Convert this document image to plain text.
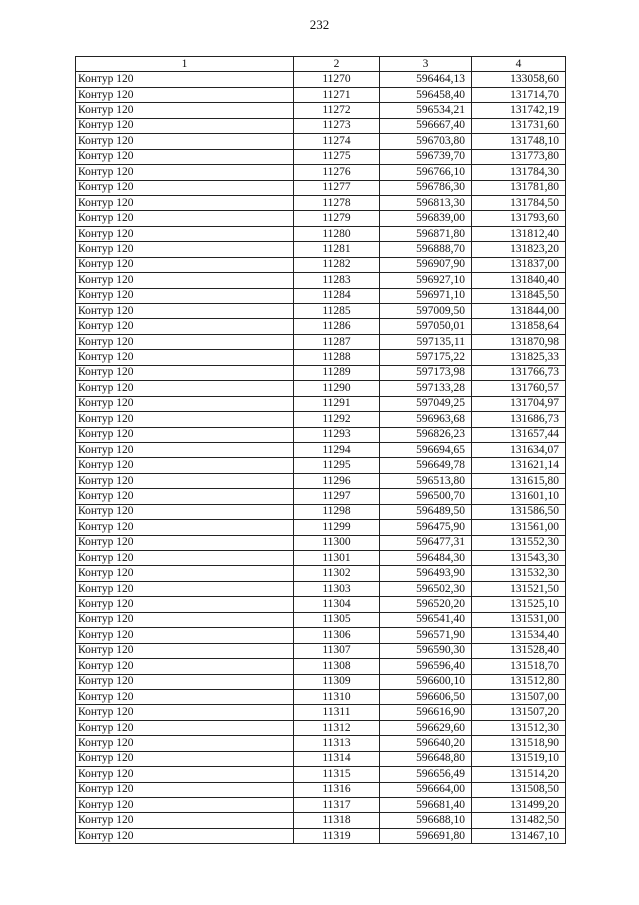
232
1	2	3	4
Контур 120	11270	596464,13	133058,60
Контур 120	11271	596458,40	131714,70
Контур 120	11272	596534,21	131742,19
Контур 120	11273	596667,40	131731,60
Контур 120	11274	596703,80	131748,10
Контур 120	11275	596739,70	131773,80
Контур 120	11276	596766,10	131784,30
Контур 120	11277	596786,30	131781,80
Контур 120	11278	596813,30	131784,50
Контур 120	11279	596839,00	131793,60
Контур 120	11280	596871,80	131812,40
Контур 120	11281	596888,70	131823,20
Контур 120	11282	596907,90	131837,00
Контур 120	11283	596927,10	131840,40
Контур 120	11284	596971,10	131845,50
Контур 120	11285	597009,50	131844,00
Контур 120	11286	597050,01	131858,64
Контур 120	11287	597135,11	131870,98
Контур 120	11288	597175,22	131825,33
Контур 120	11289	597173,98	131766,73
Контур 120	11290	597133,28	131760,57
Контур 120	11291	597049,25	131704,97
Контур 120	11292	596963,68	131686,73
Контур 120	11293	596826,23	131657,44
Контур 120	11294	596694,65	131634,07
Контур 120	11295	596649,78	131621,14
Контур 120	11296	596513,80	131615,80
Контур 120	11297	596500,70	131601,10
Контур 120	11298	596489,50	131586,50
Контур 120	11299	596475,90	131561,00
Контур 120	11300	596477,31	131552,30
Контур 120	11301	596484,30	131543,30
Контур 120	11302	596493,90	131532,30
Контур 120	11303	596502,30	131521,50
Контур 120	11304	596520,20	131525,10
Контур 120	11305	596541,40	131531,00
Контур 120	11306	596571,90	131534,40
Контур 120	11307	596590,30	131528,40
Контур 120	11308	596596,40	131518,70
Контур 120	11309	596600,10	131512,80
Контур 120	11310	596606,50	131507,00
Контур 120	11311	596616,90	131507,20
Контур 120	11312	596629,60	131512,30
Контур 120	11313	596640,20	131518,90
Контур 120	11314	596648,80	131519,10
Контур 120	11315	596656,49	131514,20
Контур 120	11316	596664,00	131508,50
Контур 120	11317	596681,40	131499,20
Контур 120	11318	596688,10	131482,50
Контур 120	11319	596691,80	131467,10
